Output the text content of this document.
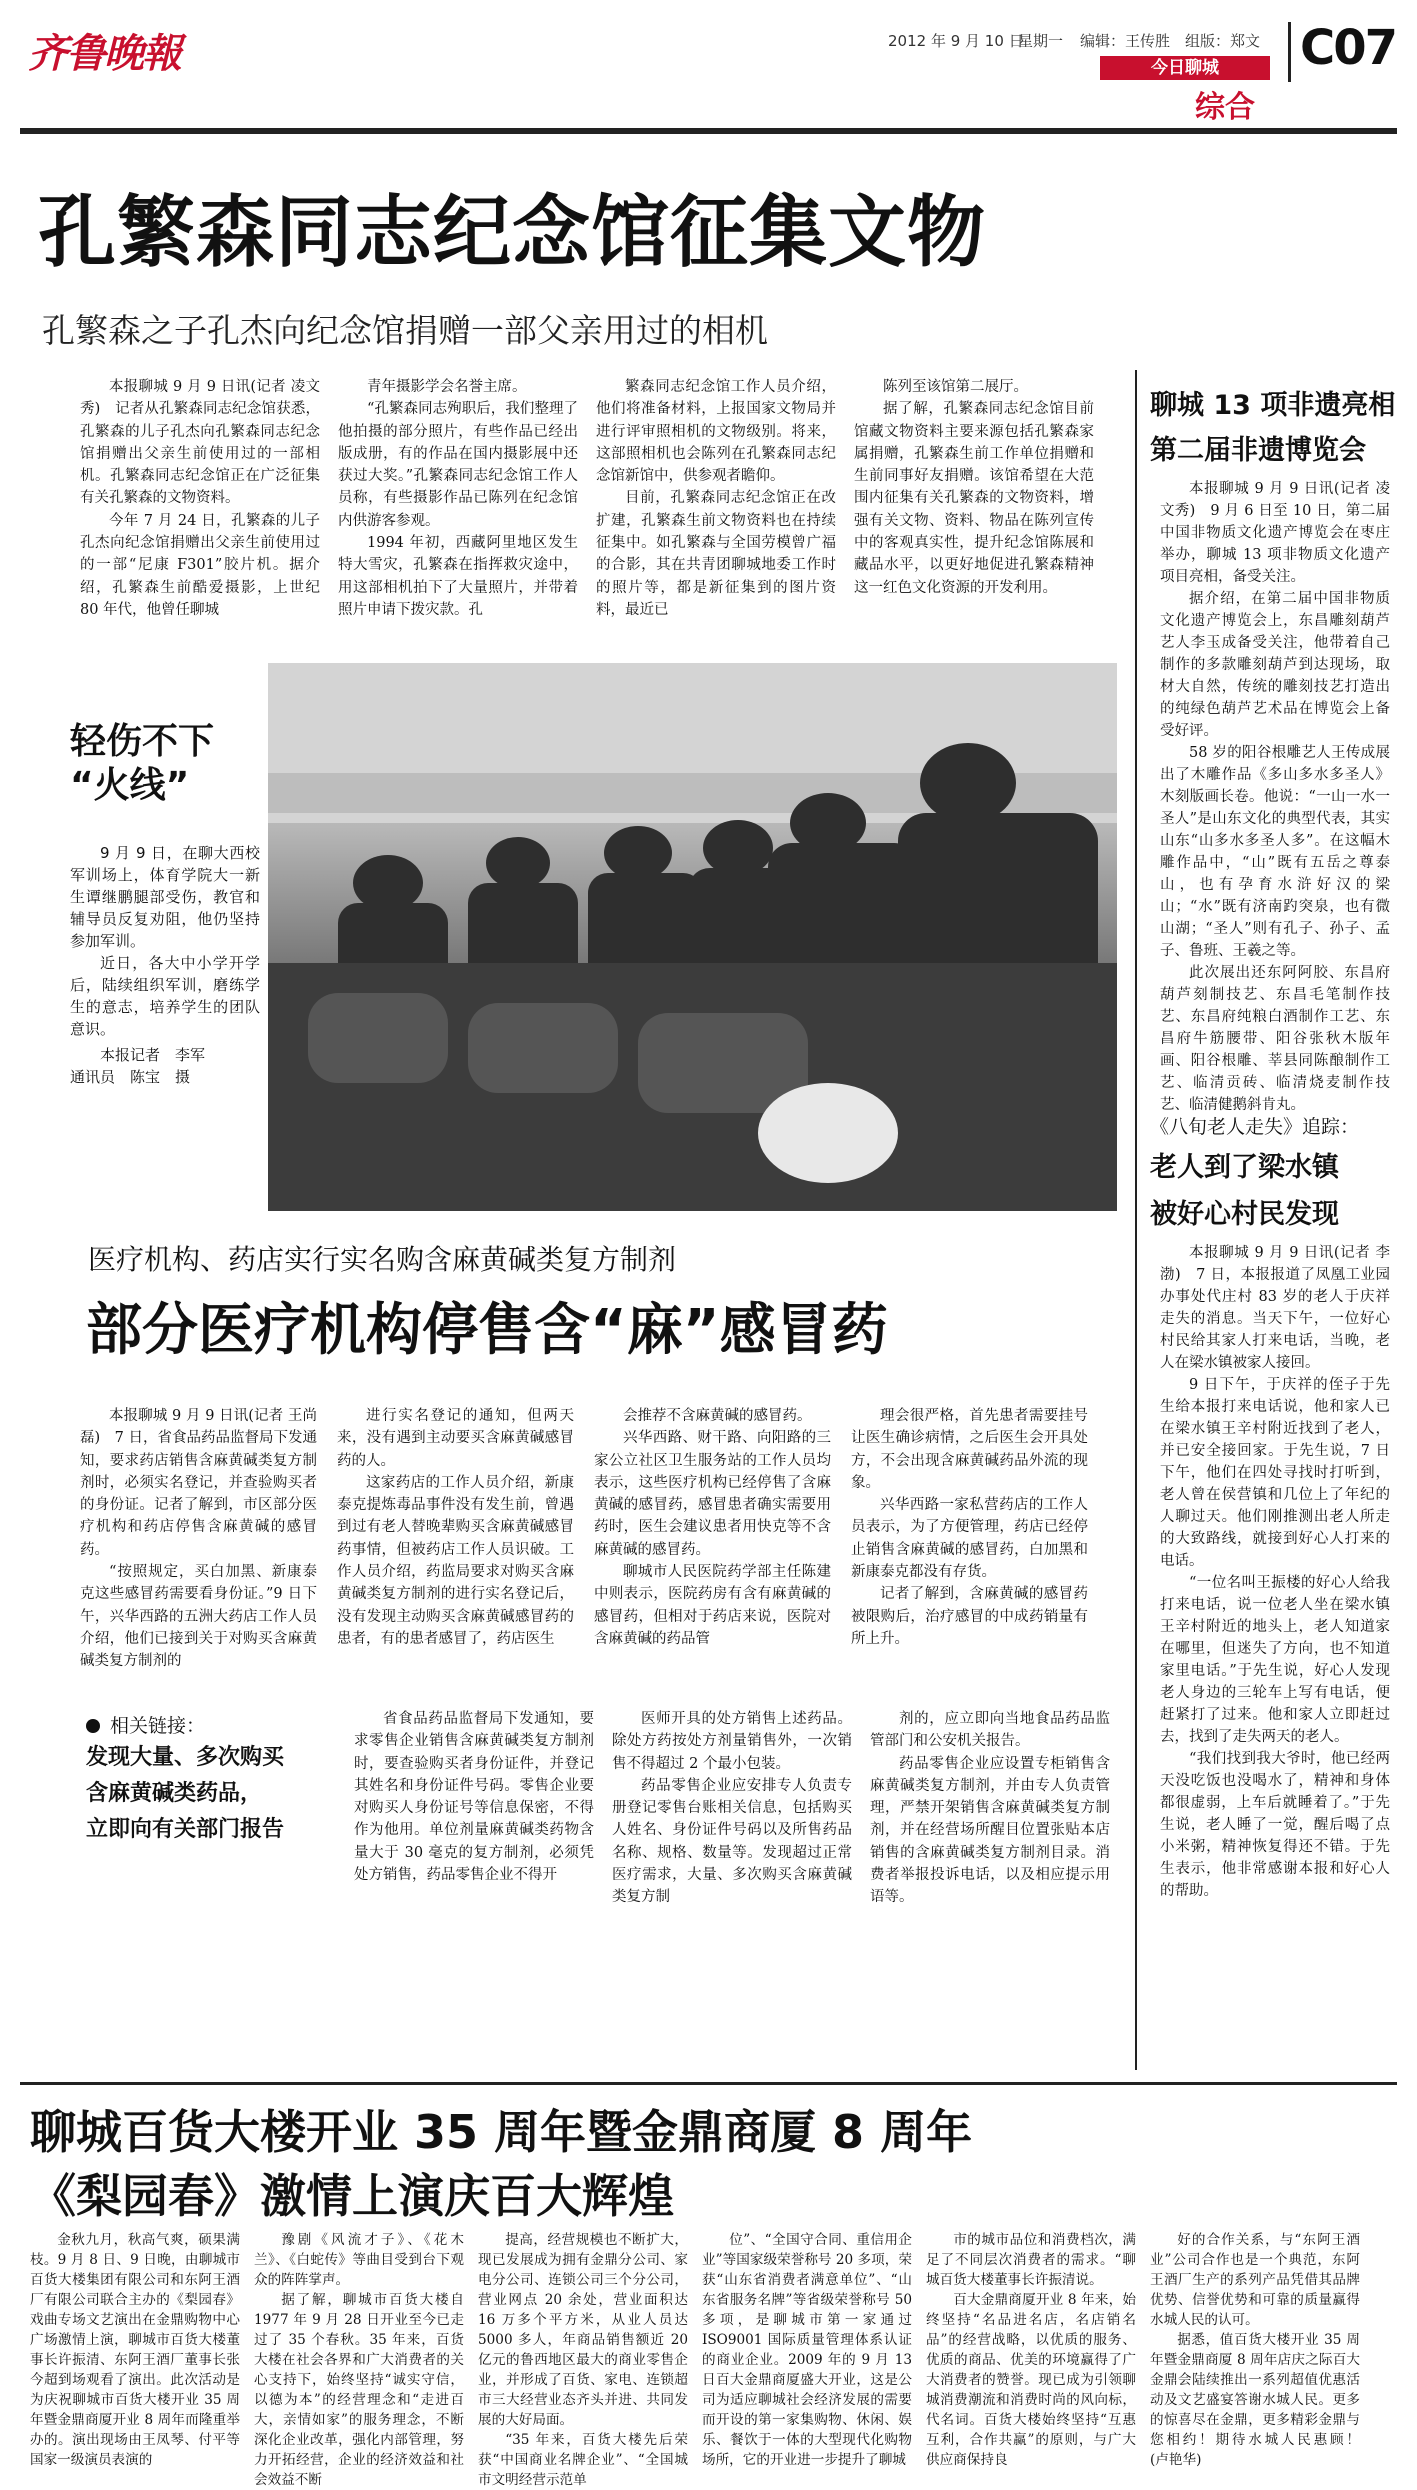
齐鲁晚報	2012 年 9 月 10 日
星期一 编辑：王传胜　组版：郑文
今日聊城
综合
C07
孔繁森同志纪念馆征集文物
孔繁森之子孔杰向纪念馆捐赠一部父亲用过的相机

本报聊城 9 月 9 日讯(记者 凌文秀)　记者从孔繁森同志纪念馆获悉，孔繁森的儿子孔杰向孔繁森同志纪念馆捐赠出父亲生前使用过的一部相机。孔繁森同志纪念馆正在广泛征集有关孔繁森的文物资料。

今年 7 月 24 日，孔繁森的儿子孔杰向纪念馆捐赠出父亲生前使用过的一部“尼康 F301”胶片机。据介绍，孔繁森生前酷爱摄影，上世纪 80 年代，他曾任聊城

青年摄影学会名誉主席。

“孔繁森同志殉职后，我们整理了他拍摄的部分照片，有些作品已经出版成册，有的作品在国内摄影展中还获过大奖。”孔繁森同志纪念馆工作人员称，有些摄影作品已陈列在纪念馆内供游客参观。

1994 年初，西藏阿里地区发生特大雪灾，孔繁森在指挥救灾途中，用这部相机拍下了大量照片，并带着照片申请下拨灾款。孔

繁森同志纪念馆工作人员介绍，他们将准备材料，上报国家文物局并进行评审照相机的文物级别。将来，这部照相机也会陈列在孔繁森同志纪念馆新馆中，供参观者瞻仰。

目前，孔繁森同志纪念馆正在改扩建，孔繁森生前文物资料也在持续征集中。如孔繁森与全国劳模曾广福的合影，其在共青团聊城地委工作时的照片等，都是新征集到的图片资料，最近已

陈列至该馆第二展厅。

据了解，孔繁森同志纪念馆目前馆藏文物资料主要来源包括孔繁森家属捐赠，孔繁森生前工作单位捐赠和生前同事好友捐赠。该馆希望在大范围内征集有关孔繁森的文物资料，增强有关文物、资料、物品在陈列宣传中的客观真实性，提升纪念馆陈展和藏品水平，以更好地促进孔繁森精神这一红色文化资源的开发利用。

轻伤不下
“火线”

9 月 9 日，在聊大西校军训场上，体育学院大一新生谭继鹏腿部受伤，教官和辅导员反复劝阻，他仍坚持参加军训。

近日，各大中小学开学后，陆续组织军训，磨练学生的意志，培养学生的团队意识。

本报记者　李军
通讯员　陈宝　摄
聊城 13 项非遗亮相
第二届非遗博览会

本报聊城 9 月 9 日讯(记者 凌文秀)　9 月 6 日至 10 日，第二届中国非物质文化遗产博览会在枣庄举办，聊城 13 项非物质文化遗产项目亮相，备受关注。

据介绍，在第二届中国非物质文化遗产博览会上，东昌雕刻葫芦艺人李玉成备受关注，他带着自己制作的多款雕刻葫芦到达现场，取材大自然，传统的雕刻技艺打造出的纯绿色葫芦艺术品在博览会上备受好评。

58 岁的阳谷根雕艺人王传成展出了木雕作品《多山多水多圣人》木刻版画长卷。他说：“一山一水一圣人”是山东文化的典型代表，其实山东“山多水多圣人多”。在这幅木雕作品中，“山”既有五岳之尊泰山，也有孕育水浒好汉的梁山；“水”既有济南趵突泉，也有微山湖；“圣人”则有孔子、孙子、孟子、鲁班、王羲之等。

此次展出还东阿阿胶、东昌府葫芦刻制技艺、东昌毛笔制作技艺、东昌府纯粮白酒制作工艺、东昌府牛筋腰带、阳谷张秋木版年画、阳谷根雕、莘县同陈酿制作工艺、临清贡砖、临清烧麦制作技艺、临清健鹅斜肯丸。

《八旬老人走失》追踪：
老人到了梁水镇
被好心村民发现

本报聊城 9 月 9 日讯(记者 李渤)　7 日，本报报道了凤凰工业园办事处代庄村 83 岁的老人于庆祥走失的消息。当天下午，一位好心村民给其家人打来电话，当晚，老人在梁水镇被家人接回。

9 日下午，于庆祥的侄子于先生给本报打来电话说，他和家人已在梁水镇王辛村附近找到了老人，并已安全接回家。于先生说，7 日下午，他们在四处寻找时打听到，老人曾在侯营镇和几位上了年纪的人聊过天。他们刚推测出老人所走的大致路线，就接到好心人打来的电话。

“一位名叫王振楼的好心人给我打来电话，说一位老人坐在梁水镇王辛村附近的地头上，老人知道家在哪里，但迷失了方向，也不知道家里电话。”于先生说，好心人发现老人身边的三轮车上写有电话，便赶紧打了过来。他和家人立即赶过去，找到了走失两天的老人。

“我们找到我大爷时，他已经两天没吃饭也没喝水了，精神和身体都很虚弱，上车后就睡着了。”于先生说，老人睡了一觉，醒后喝了点小米粥，精神恢复得还不错。于先生表示，他非常感谢本报和好心人的帮助。

医疗机构、药店实行实名购含麻黄碱类复方制剂
部分医疗机构停售含“麻”感冒药

本报聊城 9 月 9 日讯(记者 王尚磊)　7 日，省食品药品监督局下发通知，要求药店销售含麻黄碱类复方制剂时，必须实名登记，并查验购买者的身份证。记者了解到，市区部分医疗机构和药店停售含麻黄碱的感冒药。

“按照规定，买白加黑、新康泰克这些感冒药需要看身份证。”9 日下午，兴华西路的五洲大药店工作人员介绍，他们已接到关于对购买含麻黄碱类复方制剂的

进行实名登记的通知，但两天来，没有遇到主动要买含麻黄碱感冒药的人。

这家药店的工作人员介绍，新康泰克提炼毒品事件没有发生前，曾遇到过有老人替晚辈购买含麻黄碱感冒药事情，但被药店工作人员识破。工作人员介绍，药监局要求对购买含麻黄碱类复方制剂的进行实名登记后，没有发现主动购买含麻黄碱感冒药的患者，有的患者感冒了，药店医生

会推荐不含麻黄碱的感冒药。

兴华西路、财干路、向阳路的三家公立社区卫生服务站的工作人员均表示，这些医疗机构已经停售了含麻黄碱的感冒药，感冒患者确实需要用药时，医生会建议患者用快克等不含麻黄碱的感冒药。

聊城市人民医院药学部主任陈建中则表示，医院药房有含有麻黄碱的感冒药，但相对于药店来说，医院对含麻黄碱的药品管

理会很严格，首先患者需要挂号让医生确诊病情，之后医生会开具处方，不会出现含麻黄碱药品外流的现象。

兴华西路一家私营药店的工作人员表示，为了方便管理，药店已经停止销售含麻黄碱的感冒药，白加黑和新康泰克都没有存货。

记者了解到，含麻黄碱的感冒药被限购后，治疗感冒的中成药销量有所上升。

相关链接：
发现大量、多次购买
含麻黄碱类药品，
立即向有关部门报告

省食品药品监督局下发通知，要求零售企业销售含麻黄碱类复方制剂时，要查验购买者身份证件，并登记其姓名和身份证件号码。零售企业要对购买人身份证号等信息保密，不得作为他用。单位剂量麻黄碱类药物含量大于 30 毫克的复方制剂，必须凭处方销售，药品零售企业不得开

医师开具的处方销售上述药品。除处方药按处方剂量销售外，一次销售不得超过 2 个最小包装。

药品零售企业应安排专人负责专册登记零售台账相关信息，包括购买人姓名、身份证件号码以及所售药品名称、规格、数量等。发现超过正常医疗需求，大量、多次购买含麻黄碱类复方制

剂的，应立即向当地食品药品监管部门和公安机关报告。

药品零售企业应设置专柜销售含麻黄碱类复方制剂，并由专人负责管理，严禁开架销售含麻黄碱类复方制剂，并在经营场所醒目位置张贴本店销售的含麻黄碱类复方制剂目录。消费者举报投诉电话，以及相应提示用语等。

聊城百货大楼开业 35 周年暨金鼎商厦 8 周年
《梨园春》激情上演庆百大辉煌

金秋九月，秋高气爽，硕果满枝。9 月 8 日、9 日晚，由聊城市百货大楼集团有限公司和东阿王酒厂有限公司联合主办的《梨园春》戏曲专场文艺演出在金鼎购物中心广场激情上演，聊城市百货大楼董事长许振清、东阿王酒厂董事长张今超到场观看了演出。此次活动是为庆祝聊城市百货大楼开业 35 周年暨金鼎商厦开业 8 周年而隆重举办的。演出现场由王凤琴、付平等国家一级演员表演的

豫剧《风流才子》、《花木兰》、《白蛇传》等曲目受到台下观众的阵阵掌声。

据了解，聊城市百货大楼自 1977 年 9 月 28 日开业至今已走过了 35 个春秋。35 年来，百货大楼在社会各界和广大消费者的关心支持下，始终坚持“诚实守信，以德为本”的经营理念和“走进百大，亲情如家”的服务理念，不断深化企业改革，强化内部管理，努力开拓经营，企业的经济效益和社会效益不断

提高，经营规模也不断扩大，现已发展成为拥有金鼎分公司、家电分公司、连锁公司三个分公司，营业网点 20 余处，营业面积达 16 万多个平方米，从业人员达 5000 多人，年商品销售额近 20 亿元的鲁西地区最大的商业零售企业，并形成了百货、家电、连锁超市三大经营业态齐头并进、共同发展的大好局面。

“35 年来，百货大楼先后荣获“中国商业名牌企业”、“全国城市文明经营示范单

位”、“全国守合同、重信用企业”等国家级荣誉称号 20 多项，荣获“山东省消费者满意单位”、“山东省服务名牌”等省级荣誉称号 50 多项，是聊城市第一家通过 ISO9001 国际质量管理体系认证的商业企业。2009 年的 9 月 13 日百大金鼎商厦盛大开业，这是公司为适应聊城社会经济发展的需要而开设的第一家集购物、休闲、娱乐、餐饮于一体的大型现代化购物场所，它的开业进一步提升了聊城

市的城市品位和消费档次，满足了不同层次消费者的需求。“聊城百货大楼董事长许振清说。

百大金鼎商厦开业 8 年来，始终坚持“名品进名店，名店销名品”的经营战略，以优质的服务、优质的商品、优美的环境赢得了广大消费者的赞誉。现已成为引领聊城消费潮流和消费时尚的风向标，代名词。百货大楼始终坚持“互惠互利，合作共赢”的原则，与广大供应商保持良

好的合作关系，与“东阿王酒业”公司合作也是一个典范，东阿王酒厂生产的系列产品凭借其品牌优势、信誉优势和可靠的质量赢得水城人民的认可。

据悉，值百货大楼开业 35 周年暨金鼎商厦 8 周年店庆之际百大金鼎会陆续推出一系列超值优惠活动及文艺盛宴答谢水城人民。更多的惊喜尽在金鼎，更多精彩金鼎与您相约！期待水城人民惠顾！　　(卢艳华)
